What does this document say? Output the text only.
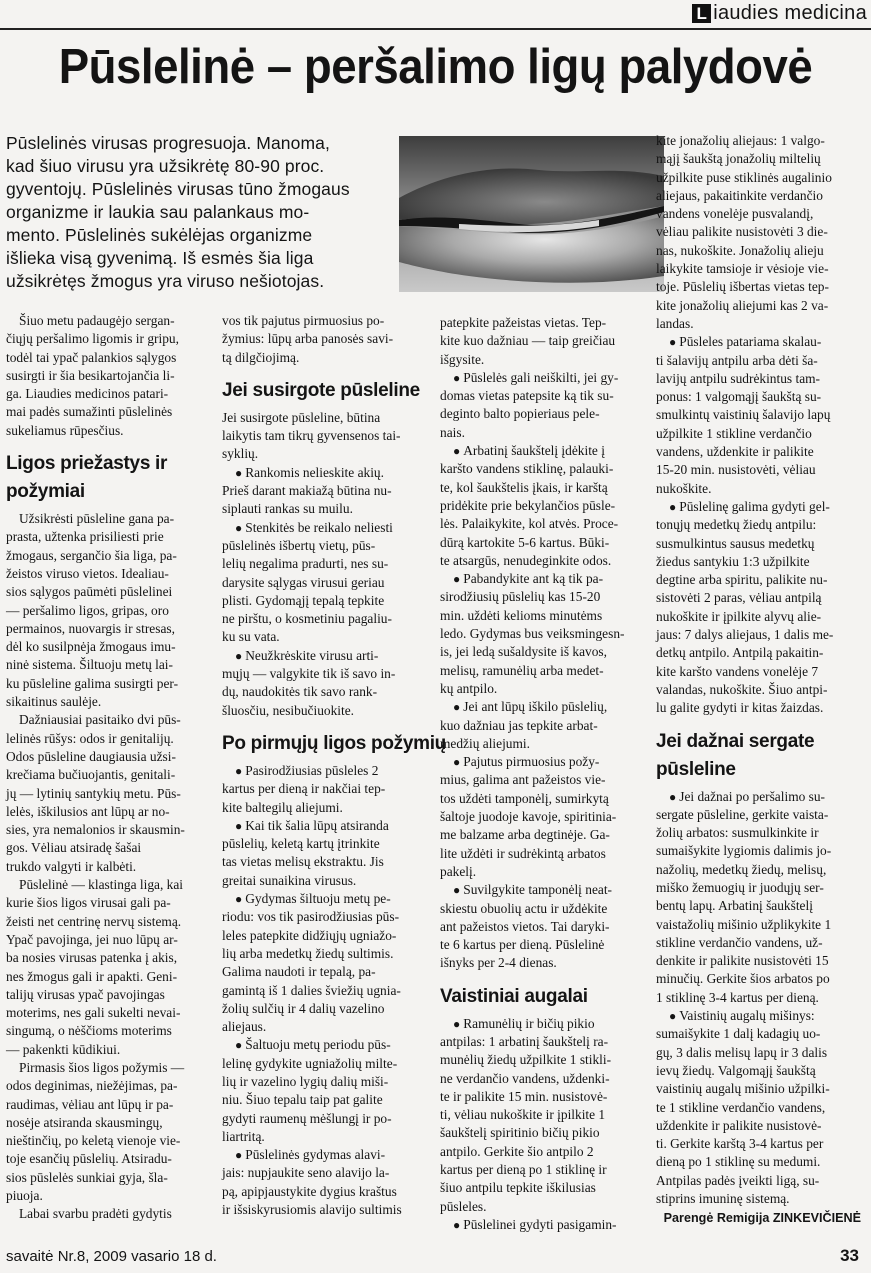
L iaudies medicina
Pūslelinė – peršalimo ligų palydovė
Pūslelinės virusas progresuoja. Manoma,
kad šiuo virusu yra užsikrėtę 80-90 proc.
gyventojų. Pūslelinės virusas tūno žmogaus
organizme ir laukia sau palankaus mo-
mento. Pūslelinės sukėlėjas organizme
išlieka visą gyvenimą. Iš esmės šia liga
užsikrėtęs žmogus yra viruso nešiotojas.
Šiuo metu padaugėjo sergan-
čiųjų peršalimo ligomis ir gripu,
todėl tai ypač palankios sąlygos
susirgti ir šia besikartojančia li-
ga. Liaudies medicinos patari-
mai padės sumažinti pūslelinės
sukeliamus rūpesčius.
Ligos priežastys ir
požymiai
Užsikrėsti pūsleline gana pa-
prasta, užtenka prisiliesti prie
žmogaus, sergančio šia liga, pa-
žeistos viruso vietos. Idealiau-
sios sąlygos paūmėti pūslelinei
— peršalimo ligos, gripas, oro
permainos, nuovargis ir stresas,
dėl ko susilpnėja žmogaus imu-
ninė sistema. Šiltuoju metų lai-
ku pūsleline galima susirgti per-
sikaitinus saulėje.
Dažniausiai pasitaiko dvi pūs-
lelinės rūšys: odos ir genitalijų.
Odos pūsleline daugiausia užsi-
krečiama bučiuojantis, genitali-
jų — lytinių santykių metu. Pūs-
lelės, iškilusios ant lūpų ar no-
sies, yra nemalonios ir skausmin-
gos. Vėliau atsiradę šašai
trukdo valgyti ir kalbėti.
Pūslelinė — klastinga liga, kai
kurie šios ligos virusai gali pa-
žeisti net centrinę nervų sistemą.
Ypač pavojinga, jei nuo lūpų ar-
ba nosies virusas patenka į akis,
nes žmogus gali ir apakti. Geni-
talijų virusas ypač pavojingas
moterims, nes gali sukelti nevai-
singumą, o nėščioms moterims
— pakenkti kūdikiui.
Pirmasis šios ligos požymis —
odos deginimas, niežėjimas, pa-
raudimas, vėliau ant lūpų ir pa-
nosėje atsiranda skausmingų,
nieštinčių, po keletą vienoje vie-
toje esančių pūslelių. Atsiradu-
sios pūslelės sunkiai gyja, šla-
piuoja.
Labai svarbu pradėti gydytis
vos tik pajutus pirmuosius po-
žymius: lūpų arba panosės savi-
tą dilgčiojimą.
Jei susirgote pūsleline
Jei susirgote pūsleline, būtina
laikytis tam tikrų gyvensenos tai-
syklių.
● Rankomis nelieskite akių.
Prieš darant makiažą būtina nu-
siplauti rankas su muilu.
● Stenkitės be reikalo neliesti
pūslelinės išbertų vietų, pūs-
lelių negalima pradurti, nes su-
darysite sąlygas virusui geriau
plisti. Gydomąjį tepalą tepkite
ne pirštu, o kosmetiniu pagaliu-
ku su vata.
● Neužkrėskite virusu arti-
mųjų — valgykite tik iš savo in-
dų, naudokitės tik savo rank-
šluosčiu, nesibučiuokite.
Po pirmųjų ligos požymių
● Pasirodžiusias pūsleles 2
kartus per dieną ir nakčiai tep-
kite baltegilų aliejumi.
● Kai tik šalia lūpų atsiranda
pūslelių, keletą kartų įtrinkite
tas vietas melisų ekstraktu. Jis
greitai sunaikina virusus.
● Gydymas šiltuoju metų pe-
riodu: vos tik pasirodžiusias pūs-
leles patepkite didžiųjų ugniažo-
lių arba medetkų žiedų sultimis.
Galima naudoti ir tepalą, pa-
gamintą iš 1 dalies šviežių ugnia-
žolių sulčių ir 4 dalių vazelino
aliejaus.
● Šaltuoju metų periodu pūs-
lelinę gydykite ugniažolių milte-
lių ir vazelino lygių dalių miši-
niu. Šiuo tepalu taip pat galite
gydyti raumenų mėšlungį ir po-
liartritą.
● Pūslelinės gydymas alavi-
jais: nupjaukite seno alavijo la-
pą, apipjaustykite dygius kraštus
ir išsiskyrusiomis alavijo sultimis
patepkite pažeistas vietas. Tep-
kite kuo dažniau — taip greičiau
išgysite.
● Pūslelės gali neiškilti, jei gy-
domas vietas patepsite ką tik su-
deginto balto popieriaus pele-
nais.
● Arbatinį šaukštelį įdėkite į
karšto vandens stiklinę, palauki-
te, kol šaukštelis įkais, ir karštą
pridėkite prie bekylančios pūsle-
lės. Palaikykite, kol atvės. Proce-
dūrą kartokite 5-6 kartus. Būki-
te atsargūs, nenudeginkite odos.
● Pabandykite ant ką tik pa-
sirodžiusių pūslelių kas 15-20
min. uždėti kelioms minutėms
ledo. Gydymas bus veiksmingesn-
is, jei ledą sušaldysite iš kavos,
melisų, ramunėlių arba medet-
kų antpilo.
● Jei ant lūpų iškilo pūslelių,
kuo dažniau jas tepkite arbat-
medžių aliejumi.
● Pajutus pirmuosius požy-
mius, galima ant pažeistos vie-
tos uždėti tamponėlį, sumirkytą
šaltoje juodoje kavoje, spiritinia-
me balzame arba degtinėje. Ga-
lite uždėti ir sudrėkintą arbatos
pakelį.
● Suvilgykite tamponėlį neat-
skiestu obuolių actu ir uždėkite
ant pažeistos vietos. Tai daryki-
te 6 kartus per dieną. Pūslelinė
išnyks per 2-4 dienas.
Vaistiniai augalai
● Ramunėlių ir bičių pikio
antpilas: 1 arbatinį šaukštelį ra-
munėlių žiedų užpilkite 1 stikli-
ne verdančio vandens, uždenki-
te ir palikite 15 min. nusistovė-
ti, vėliau nukoškite ir įpilkite 1
šaukštelį spiritinio bičių pikio
antpilo. Gerkite šio antpilo 2
kartus per dieną po 1 stiklinę ir
šiuo antpilu tepkite iškilusias
pūsleles.
● Pūslelinei gydyti pasigamin-
kite jonažolių aliejaus: 1 valgo-
mąjį šaukštą jonažolių miltelių
užpilkite puse stiklinės augalinio
aliejaus, pakaitinkite verdančio
vandens vonelėje pusvalandį,
vėliau palikite nusistovėti 3 die-
nas, nukoškite. Jonažolių alieju
laikykite tamsioje ir vėsioje vie-
toje. Pūslelių išbertas vietas tep-
kite jonažolių aliejumi kas 2 va-
landas.
● Pūsleles patariama skalau-
ti šalavijų antpilu arba dėti ša-
lavijų antpilu sudrėkintus tam-
ponus: 1 valgomąjį šaukštą su-
smulkintų vaistinių šalavijo lapų
užpilkite 1 stiklinе verdančio
vandens, uždenkite ir palikite
15-20 min. nusistovėti, vėliau
nukoškite.
● Pūslelinę galima gydyti gel-
tonųjų medetkų žiedų antpilu:
susmulkintus sausus medetkų
žiedus santykiu 1:3 užpilkite
degtine arba spiritu, palikite nu-
sistovėti 2 paras, vėliau antpilą
nukoškite ir įpilkite alyvų alie-
jaus: 7 dalys aliejaus, 1 dalis me-
detkų antpilo. Antpilą pakaitin-
kite karšto vandens vonelėje 7
valandas, nukoškite. Šiuo antpi-
lu galite gydyti ir kitas žaizdas.
Jei dažnai sergate
pūsleline
● Jei dažnai po peršalimo su-
sergate pūsleline, gerkite vaista-
žolių arbatos: susmulkinkite ir
sumaišykite lygiomis dalimis jo-
nažolių, medetkų žiedų, melisų,
miško žemuogių ir juodųjų ser-
bentų lapų. Arbatinį šaukštelį
vaistažolių mišinio užplikykite 1
stikline verdančio vandens, už-
denkite ir palikite nusistovėti 15
minučių. Gerkite šios arbatos po
1 stiklinę 3-4 kartus per dieną.
● Vaistinių augalų mišinys:
sumaišykite 1 dalį kadagių uo-
gų, 3 dalis melisų lapų ir 3 dalis
ievų žiedų. Valgomąjį šaukštą
vaistinių augalų mišinio užpilki-
te 1 stikline verdančio vandens,
uždenkite ir palikite nusistovė-
ti. Gerkite karštą 3-4 kartus per
dieną po 1 stiklinę su medumi.
Antpilas padės įveikti ligą, su-
stiprins imuninę sistemą.
Parengė Remigija ZINKEVIČIENĖ
savaitė Nr.8, 2009 vasario 18 d.	33
